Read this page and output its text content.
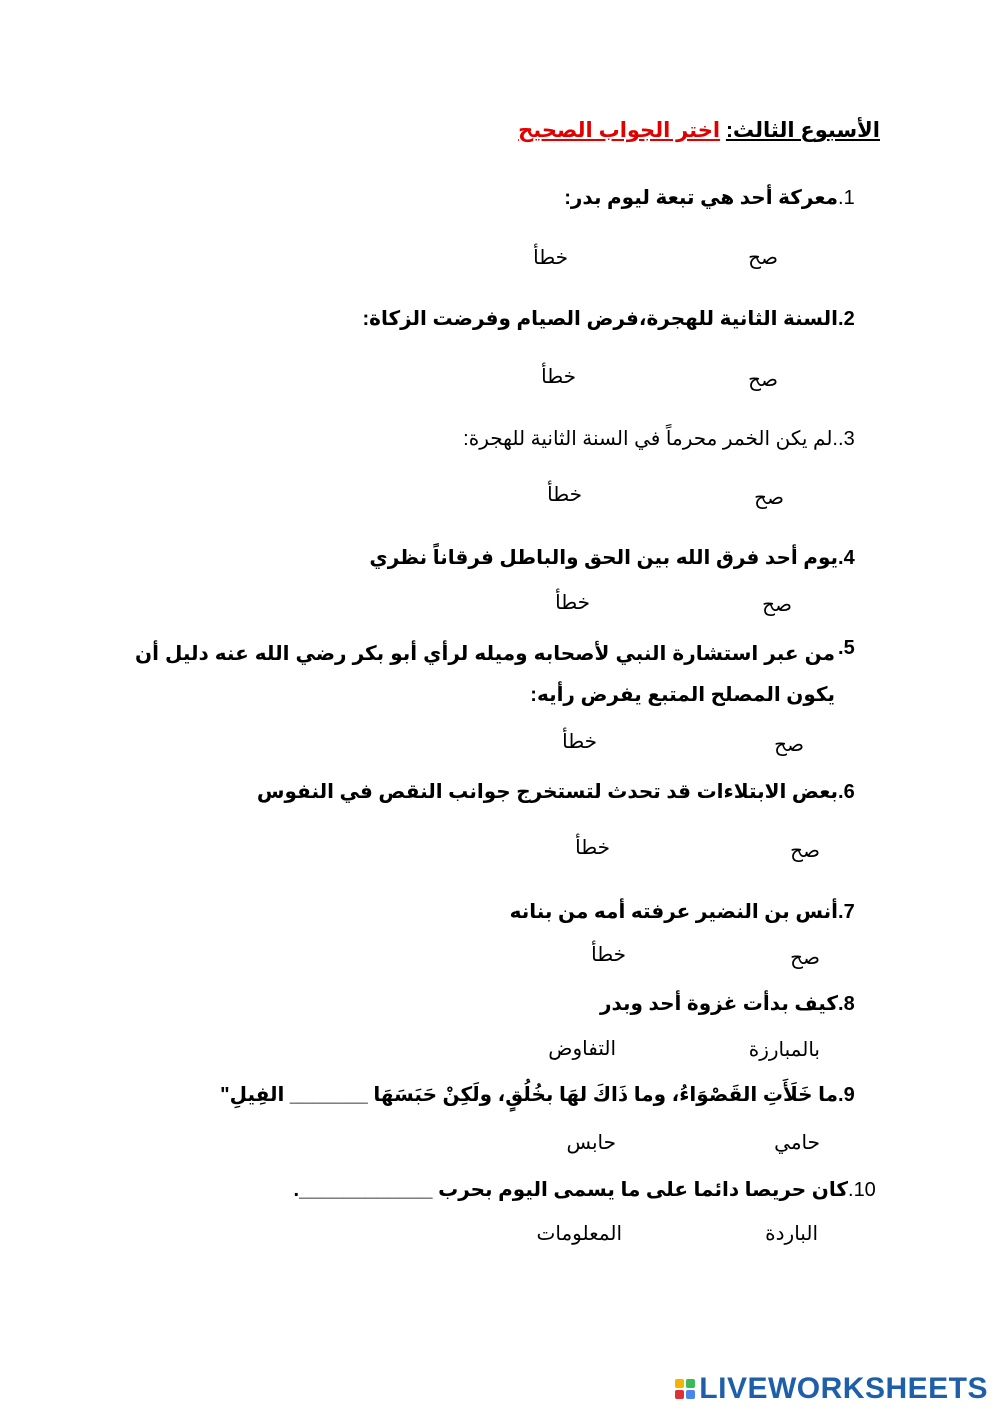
الأسبوع الثالث: اختر الجواب الصحيح
1.معركة أحد هي تبعة ليوم بدر:
صح
خطأ
2.السنة الثانية للهجرة،فرض الصيام وفرضت الزكاة:
صح
خطأ
3..لم يكن الخمر محرماً في السنة الثانية للهجرة:
صح
خطأ
4.يوم أحد فرق الله بين الحق والباطل فرقاناً نظري
صح
خطأ
5.
من عبر استشارة النبي لأصحابه وميله لرأي أبو بكر رضي الله عنه دليل أن يكون المصلح المتبع يفرض رأيه:
صح
خطأ
6.بعض الابتلاءات قد تحدث لتستخرج جوانب النقص في النفوس
صح
خطأ
7.أنس بن النضير عرفته أمه من بنانه
صح
خطأ
8.كيف بدأت غزوة أحد وبدر
بالمبارزة
التفاوض
9.ما خَلَأَتِ القَصْوَاءُ، وما ذَاكَ لهَا بخُلُقٍ، ولَكِنْ حَبَسَهَا _______ الفِيلِ"
حامي
حابس
10.كان حريصا دائما على ما يسمى اليوم بحرب ____________.
الباردة
المعلومات
LIVEWORKSHEETS
